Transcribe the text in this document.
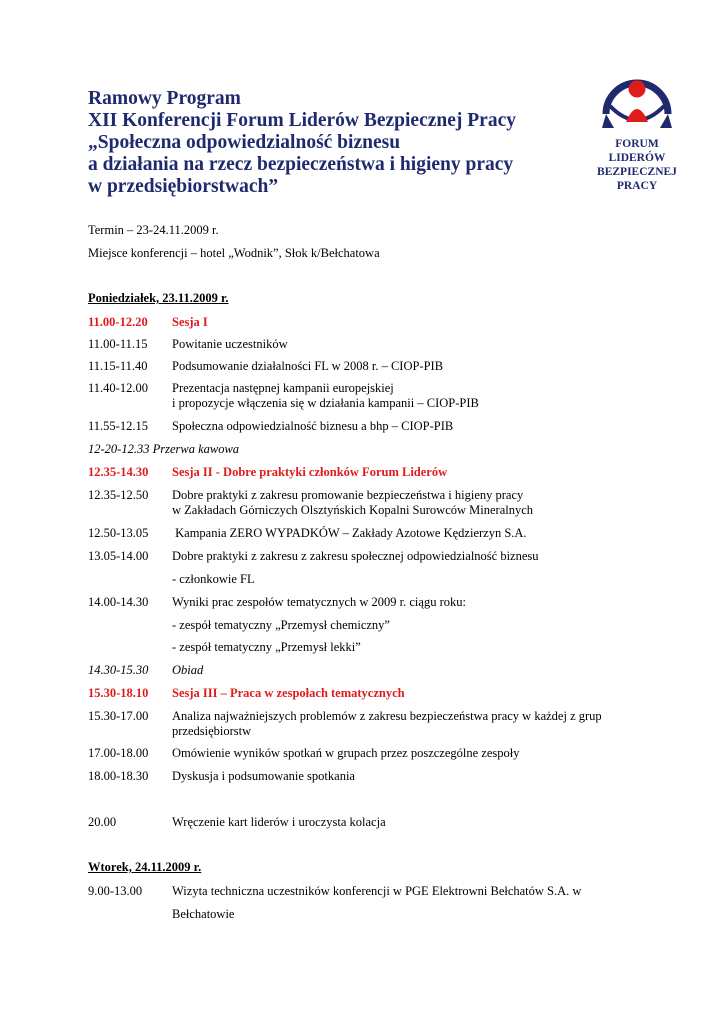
Ramowy Program
XII Konferencji Forum Liderów Bezpiecznej Pracy
„Społeczna odpowiedzialność biznesu
a działania na rzecz bezpieczeństwa i higieny pracy
w przedsiębiorstwach”
FORUM
LIDERÓW
BEZPIECZNEJ
PRACY
Termin – 23-24.11.2009 r.
Miejsce konferencji – hotel „Wodnik”, Słok k/Bełchatowa
Poniedziałek, 23.11.2009 r.
11.00-12.20 Sesja I
11.00-11.15 Powitanie uczestników
11.15-11.40 Podsumowanie działalności FL w 2008 r. – CIOP-PIB
11.40-12.00 Prezentacja następnej kampanii europejskiej
i propozycje włączenia się w działania kampanii – CIOP-PIB
11.55-12.15 Społeczna odpowiedzialność biznesu a bhp – CIOP-PIB
12-20-12.33 Przerwa kawowa
12.35-14.30 Sesja II - Dobre praktyki członków Forum Liderów
12.35-12.50 Dobre praktyki z zakresu promowanie bezpieczeństwa i higieny pracy
w Zakładach Górniczych Olsztyńskich Kopalni Surowców Mineralnych
12.50-13.05 Kampania ZERO WYPADKÓW – Zakłady Azotowe Kędzierzyn S.A.
13.05-14.00 Dobre praktyki z zakresu z zakresu społecznej odpowiedzialność biznesu
- członkowie FL
14.00-14.30 Wyniki prac zespołów tematycznych w 2009 r. ciągu roku:
- zespół tematyczny „Przemysł chemiczny”
- zespół tematyczny „Przemysł lekki”
14.30-15.30 Obiad
15.30-18.10 Sesja III – Praca w zespołach tematycznych
15.30-17.00 Analiza najważniejszych problemów z zakresu bezpieczeństwa pracy w każdej z grup
przedsiębiorstw
17.00-18.00 Omówienie wyników spotkań w grupach przez poszczególne zespoły
18.00-18.30 Dyskusja i podsumowanie spotkania
20.00	Wręczenie kart liderów i uroczysta kolacja
Wtorek, 24.11.2009 r.
9.00-13.00 Wizyta techniczna uczestników konferencji w PGE Elektrowni Bełchatów S.A. w
Bełchatowie
